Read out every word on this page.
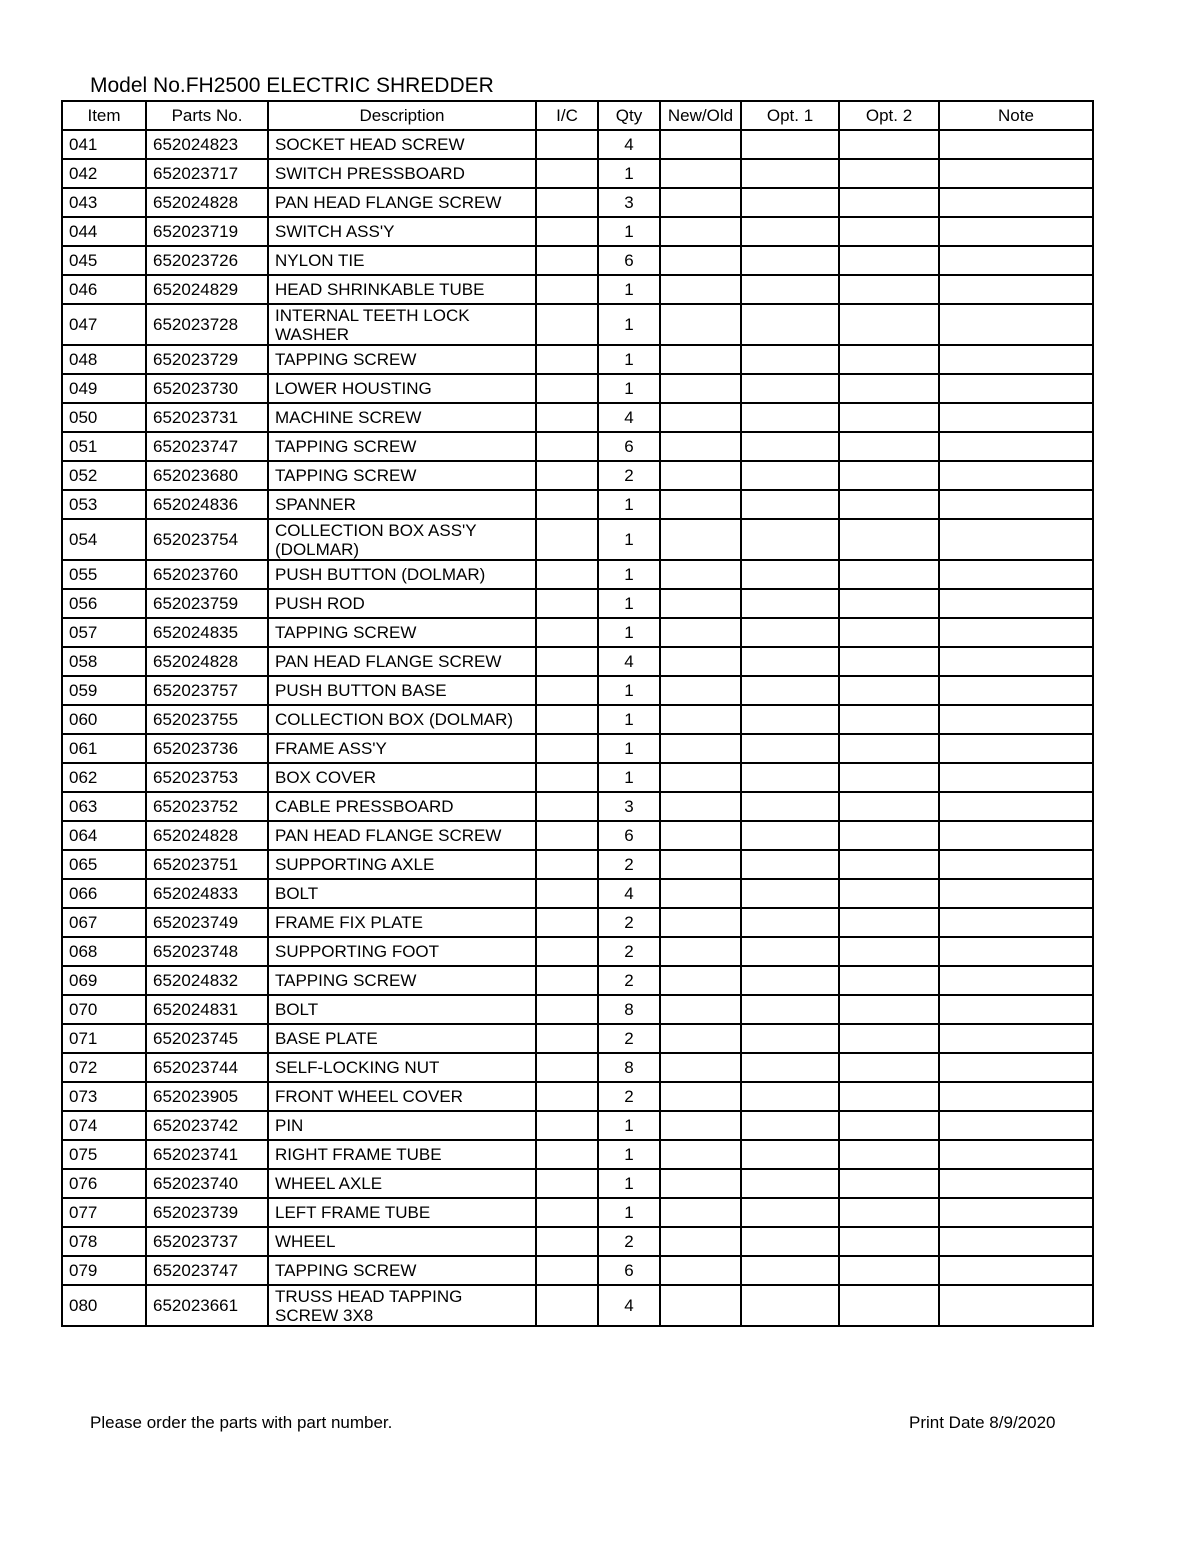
Model No.FH2500 ELECTRIC SHREDDER
Item	Parts No.	Description	I/C	Qty	New/Old	Opt. 1	Opt. 2	Note
041	652024823	SOCKET HEAD SCREW		4				
042	652023717	SWITCH PRESSBOARD		1				
043	652024828	PAN HEAD FLANGE SCREW		3				
044	652023719	SWITCH ASS'Y		1				
045	652023726	NYLON TIE		6				
046	652024829	HEAD SHRINKABLE TUBE		1				
047	652023728	INTERNAL TEETH LOCK WASHER		1				
048	652023729	TAPPING SCREW		1				
049	652023730	LOWER HOUSTING		1				
050	652023731	MACHINE SCREW		4				
051	652023747	TAPPING SCREW		6				
052	652023680	TAPPING SCREW		2				
053	652024836	SPANNER		1				
054	652023754	COLLECTION BOX ASS'Y (DOLMAR)		1				
055	652023760	PUSH BUTTON (DOLMAR)		1				
056	652023759	PUSH ROD		1				
057	652024835	TAPPING SCREW		1				
058	652024828	PAN HEAD FLANGE SCREW		4				
059	652023757	PUSH BUTTON BASE		1				
060	652023755	COLLECTION BOX (DOLMAR)		1				
061	652023736	FRAME ASS'Y		1				
062	652023753	BOX COVER		1				
063	652023752	CABLE PRESSBOARD		3				
064	652024828	PAN HEAD FLANGE SCREW		6				
065	652023751	SUPPORTING AXLE		2				
066	652024833	BOLT		4				
067	652023749	FRAME FIX PLATE		2				
068	652023748	SUPPORTING FOOT		2				
069	652024832	TAPPING SCREW		2				
070	652024831	BOLT		8				
071	652023745	BASE PLATE		2				
072	652023744	SELF-LOCKING NUT		8				
073	652023905	FRONT WHEEL COVER		2				
074	652023742	PIN		1				
075	652023741	RIGHT FRAME TUBE		1				
076	652023740	WHEEL AXLE		1				
077	652023739	LEFT FRAME TUBE		1				
078	652023737	WHEEL		2				
079	652023747	TAPPING SCREW		6				
080	652023661	TRUSS HEAD TAPPING SCREW 3X8		4				
Please order the parts with part number.	Print Date 8/9/2020
